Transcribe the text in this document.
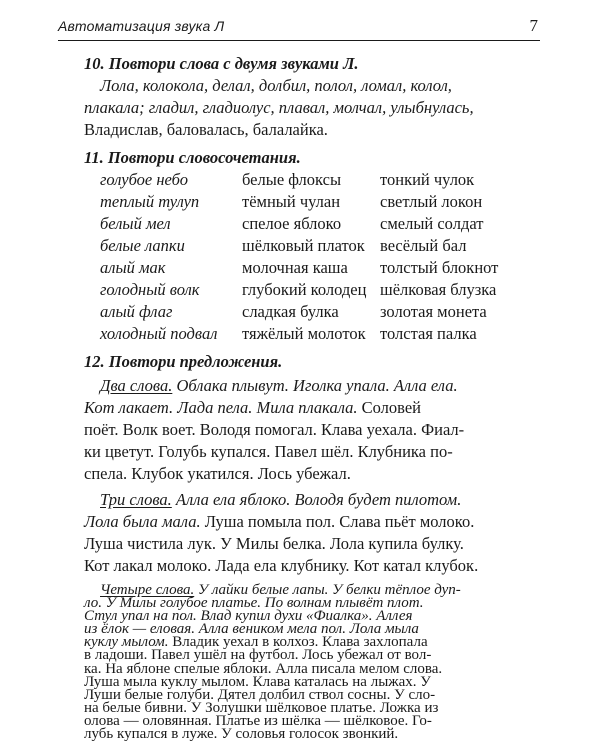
Автоматизация звука Л	7
10. Повтори слова с двумя звуками Л.
Лола, колокола, делал, долбил, полол, ломал, колол,
плакала; гладил, гладиолус, плавал, молчал, улыбнулась,
Владислав, баловалась, балалайка.
11. Повтори словосочетания.
голубое небо
теплый тулуп
белый мел
белые лапки
алый мак
голодный волк
алый флаг
холодный подвал
белые флоксы
тёмный чулан
спелое яблоко
шёлковый платок
молочная каша
глубокий колодец
сладкая булка
тяжёлый молоток
тонкий чулок
светлый локон
смелый солдат
весёлый бал
толстый блокнот
шёлковая блузка
золотая монета
толстая палка
12. Повтори предложения.
Два слова. Облака плывут. Иголка упала. Алла ела.
Кот лакает. Лада пела. Мила плакала. Соловей
поёт. Волк воет. Володя помогал. Клава уехала. Фиал-
ки цветут. Голубь купался. Павел шёл. Клубника по-
спела. Клубок укатился. Лось убежал.
Три слова. Алла ела яблоко. Володя будет пилотом.
Лола была мала. Луша помыла пол. Слава пьёт молоко.
Луша чистила лук. У Милы белка. Лола купила булку.
Кот лакал молоко. Лада ела клубнику. Кот катал клубок.
Четыре слова. У лайки белые лапы. У белки тёплое дуп-
ло. У Милы голубое платье. По волнам плывёт плот.
Стул упал на пол. Влад купил духи «Фиалка». Аллея
из ёлок — еловая. Алла веником мела пол. Лола мыла
куклу мылом. Владик уехал в колхоз. Клава захлопала
в ладоши. Павел ушёл на футбол. Лось убежал от вол-
ка. На яблоне спелые яблоки. Алла писала мелом слова.
Луша мыла куклу мылом. Клава каталась на лыжах. У
Луши белые голуби. Дятел долбил ствол сосны. У сло-
на белые бивни. У Золушки шёлковое платье. Ложка из
олова — оловянная. Платье из шёлка — шёлковое. Го-
лубь купался в луже. У соловья голосок звонкий.
